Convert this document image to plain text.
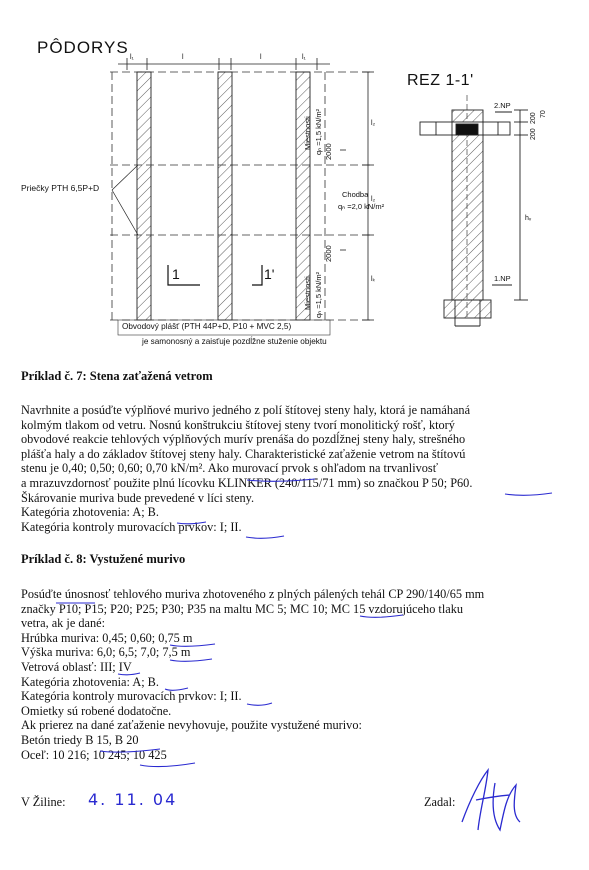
PÔDORYS
REZ 1-1'
Priečky PTH 6,5P+D
l₁	l	l	l₁
Miestnosti qₙ =1,5 kN/m² 2000
Chodba
qₙ =2,0 kN/m²
2000
Miestnosti qₙ =1,5 kN/m²
l₂
l₂
lₖ
1	1'
Obvodový plášť (PTH 44P+D, P10 + MVC 2,5)
je samonosný a zaisťuje pozdĺžne stuženie objektu
2.NP
1.NP
200
200
70
hᵥ
Príklad č. 7: Stena zaťažená vetrom
Navrhnite a posúďte výplňové murivo jedného z polí štítovej steny haly, ktorá je namáhaná
kolmým tlakom od vetru. Nosnú konštrukciu štítovej steny tvorí monolitický rošť, ktorý
obvodové reakcie tehlových výplňových murív prenáša do pozdĺžnej steny haly, strešného
plášťa haly a do základov štítovej steny haly. Charakteristické zaťaženie vetrom na štítovú
stenu je 0,40; 0,50; 0,60; 0,70 kN/m². Ako murovací prvok s ohľadom na trvanlivosť
a mrazuvzdornosť použite plnú lícovku KLINKER (240/115/71 mm) so značkou P 50; P60.
Škárovanie muriva bude prevedené v líci steny.
Kategória zhotovenia: A; B.
Kategória kontroly murovacích prvkov: I; II.
Príklad č. 8: Vystužené murivo
Posúďte únosnosť tehlového muriva zhotoveného z plných pálených tehál CP 290/140/65 mm
značky P10; P15; P20; P25; P30; P35 na maltu MC 5; MC 10; MC 15 vzdorujúceho tlaku
vetra, ak je dané:
Hrúbka muriva: 0,45; 0,60; 0,75 m
Výška muriva: 6,0; 6,5; 7,0; 7,5 m
Vetrová oblasť: III; IV
Kategória zhotovenia: A; B.
Kategória kontroly murovacích prvkov: I; II.
Omietky sú robené dodatočne.
Ak prierez na dané zaťaženie nevyhovuje, použite vystužené murivo:
Betón triedy B 15, B 20
Oceľ: 10 216; 10 245; 10 425
V Žiline: 4. 11. 04	Zadal:
